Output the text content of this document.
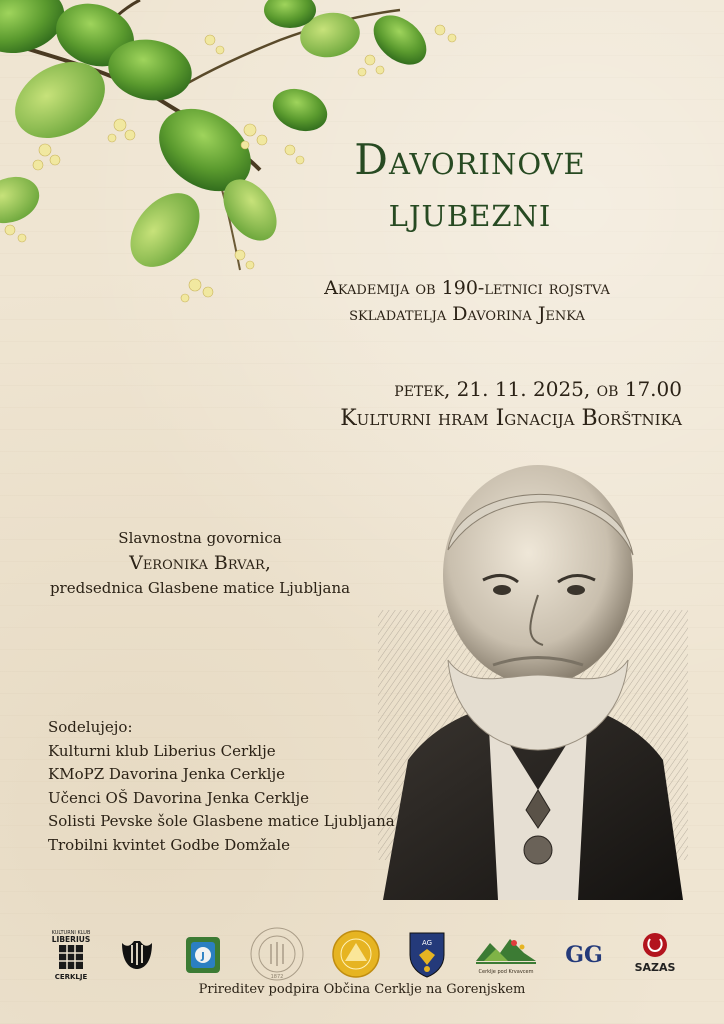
Davorinove
ljubezni
Akademija ob 190-letnici rojstva
skladatelja Davorina Jenka
petek, 21. 11. 2025, ob 17.00
Kulturni hram Ignacija Borštnika
Slavnostna govornica
Veronika Brvar,
predsednica Glasbene matice Ljubljana
Sodelujejo:
Kulturni klub Liberius Cerklje
KMoPZ Davorina Jenka Cerklje
Učenci OŠ Davorina Jenka Cerklje
Solisti Pevske šole Glasbene matice Ljubljana
Trobilni kvintet Godbe Domžale
KULTURNI KLUB
LIBERIUS
CERKLJE
J
1872
AG
Cerklje pod Krvavcem
GG	SAZAS
Prireditev podpira Občina Cerklje na Gorenjskem
